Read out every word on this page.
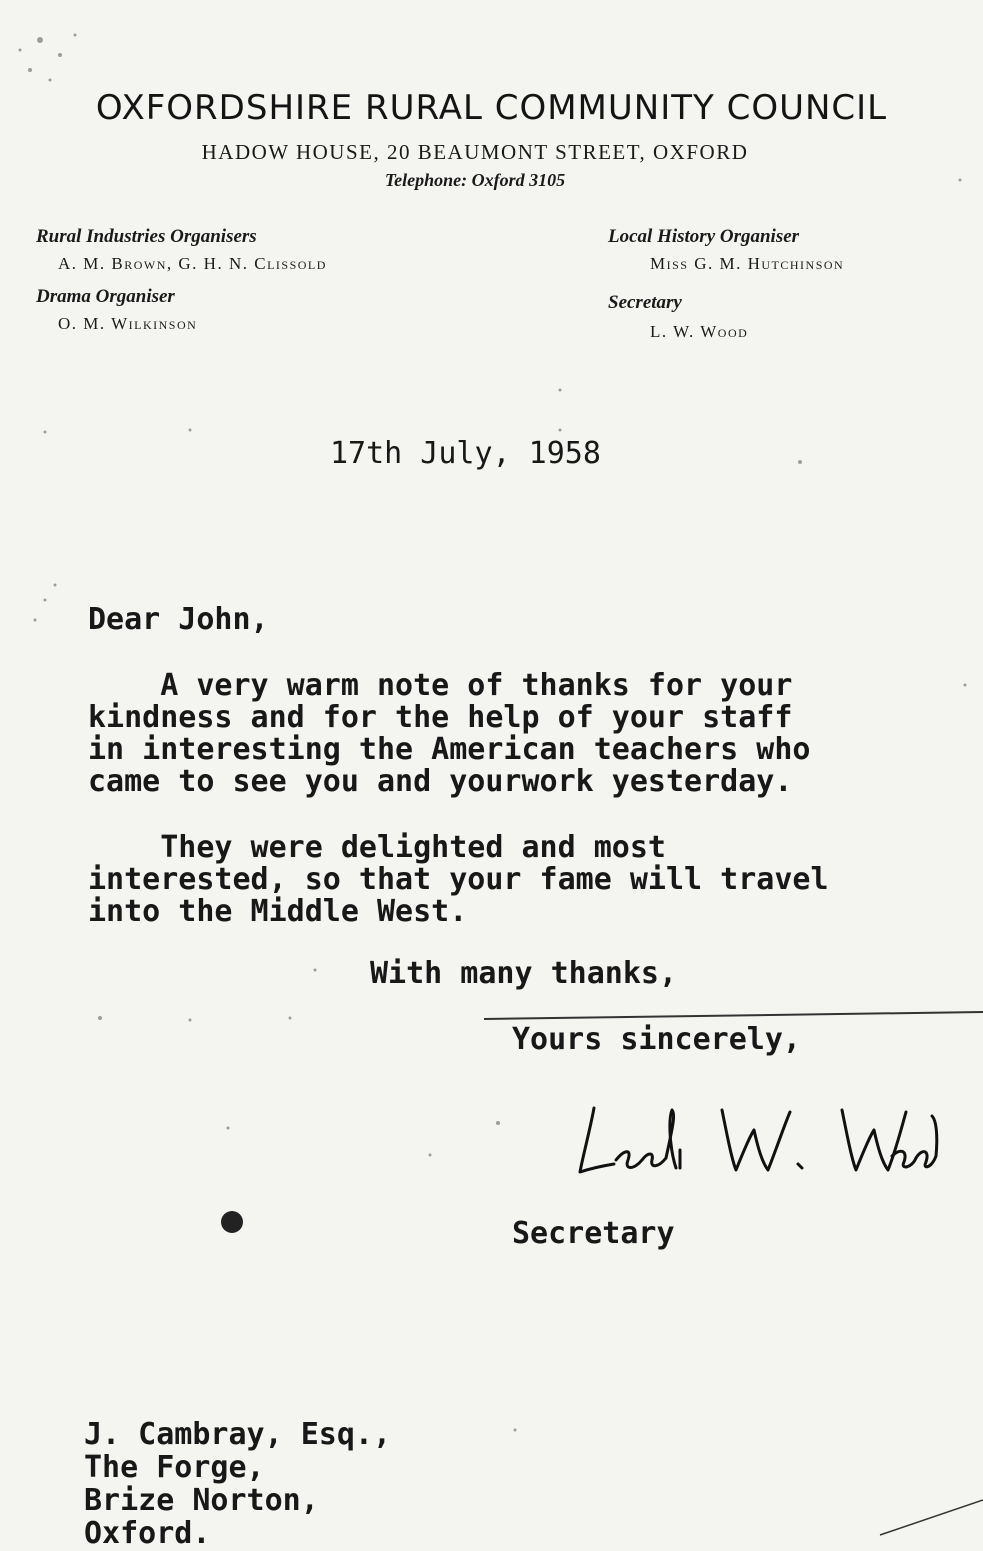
OXFORDSHIRE RURAL COMMUNITY COUNCIL
HADOW HOUSE, 20 BEAUMONT STREET, OXFORD
Telephone: Oxford 3105
Rural Industries Organisers
A. M. Brown, G. H. N. Clissold
Local History Organiser
Miss G. M. Hutchinson
Drama Organiser
O. M. Wilkinson
Secretary
L. W. Wood
17th July, 1958
Dear John,
A very warm note of thanks for your
kindness and for the help of your staff
in interesting the American teachers who
came to see you and yourwork yesterday.
They were delighted and most
interested, so that your fame will travel
into the Middle West.
With many thanks,
Yours sincerely,
Secretary
J. Cambray, Esq.,
The Forge,
Brize Norton,
Oxford.
